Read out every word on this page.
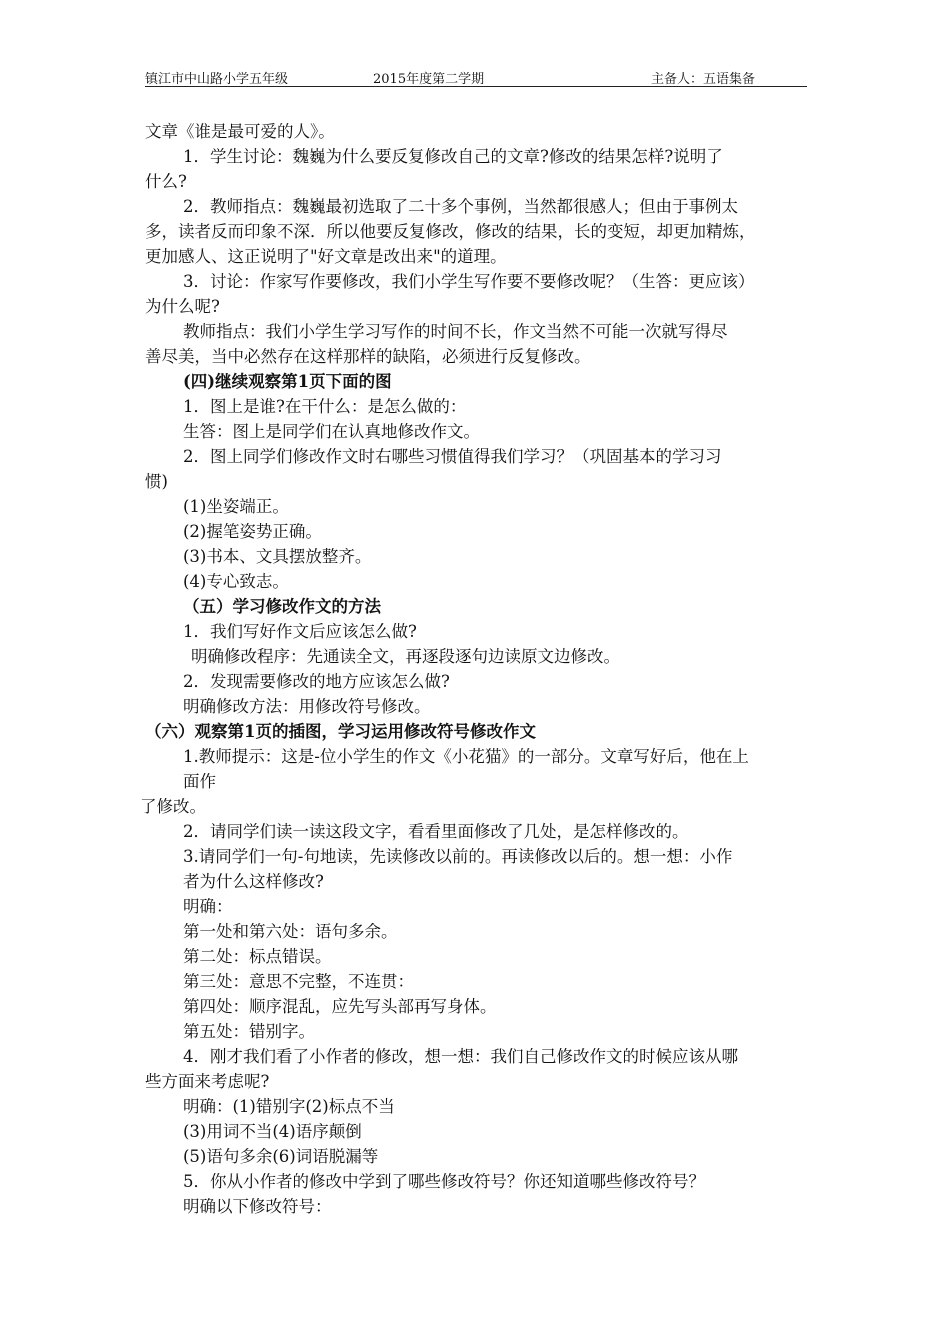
镇江市中山路小学五年级	2015年度第二学期	主备人：五语集备
文章《谁是最可爱的人》。
1．学生讨论：魏巍为什么要反复修改自己的文章?修改的结果怎样?说明了
什么?
2．教师指点：魏巍最初选取了二十多个事例，当然都很感人；但由于事例太
多，读者反而印象不深．所以他要反复修改，修改的结果，长的变短，却更加精炼，
更加感人、这正说明了"好文章是改出来"的道理。
3．讨论：作家写作要修改，我们小学生写作要不要修改呢？（生答：更应该）
为什么呢?
教师指点：我们小学生学习写作的时间不长，作文当然不可能一次就写得尽
善尽美，当中必然存在这样那样的缺陷，必须进行反复修改。
(四)继续观察第1页下面的图
1．图上是谁?在干什么：是怎么做的：
生答：图上是同学们在认真地修改作文。
2．图上同学们修改作文时右哪些习惯值得我们学习？（巩固基本的学习习
惯)
(1)坐姿端正。
(2)握笔姿势正确。
(3)书本、文具摆放整齐。
(4)专心致志。
（五）学习修改作文的方法
1．我们写好作文后应该怎么做?
明确修改程序：先通读全文，再逐段逐句边读原文边修改。
2．发现需要修改的地方应该怎么做?
明确修改方法：用修改符号修改。
（六）观察第1页的插图，学习运用修改符号修改作文
1.教师提示：这是-位小学生的作文《小花猫》的一部分。文章写好后，他在上
面作
了修改。
2．请同学们读一读这段文字，看看里面修改了几处，是怎样修改的。
3.请同学们一句-句地读，先读修改以前的。再读修改以后的。想一想：小作
者为什么这样修改?
明确：
第一处和第六处：语句多余。
第二处：标点错误。
第三处：意思不完整，不连贯：
第四处：顺序混乱，应先写头部再写身体。
第五处：错别字。
4．刚才我们看了小作者的修改，想一想：我们自己修改作文的时候应该从哪
些方面来考虑呢?
明确：(1)错别字(2)标点不当
(3)用词不当(4)语序颠倒
(5)语句多余(6)词语脱漏等
5．你从小作者的修改中学到了哪些修改符号？你还知道哪些修改符号？
明确以下修改符号：
